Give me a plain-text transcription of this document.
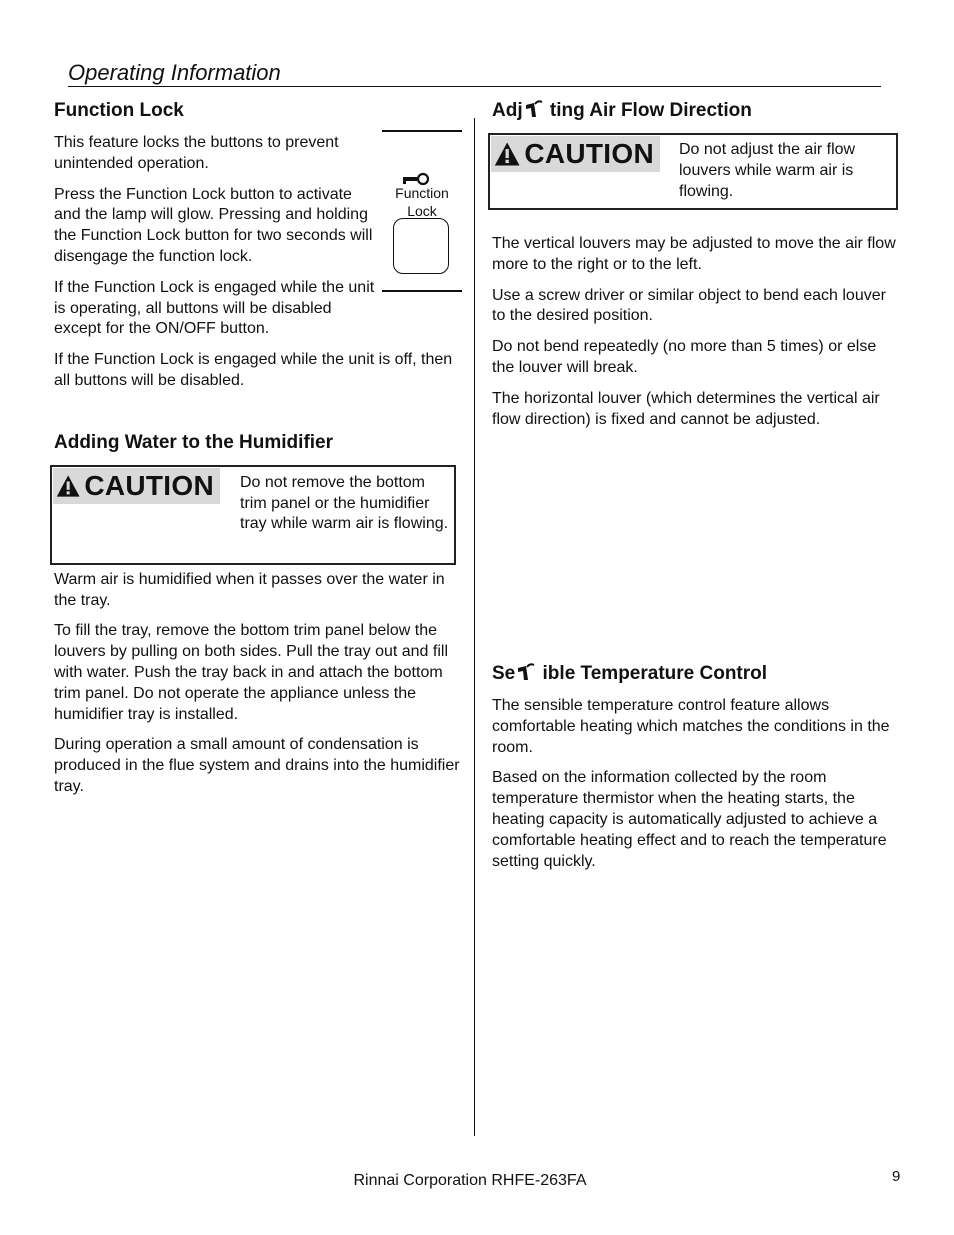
Operating Information
Function Lock

This feature locks the buttons to prevent unintended operation.

Press the Function Lock button to activate and the lamp will glow. Pressing and holding the Function Lock button for two seconds will disengage the function lock.

If the Function Lock is engaged while the unit is operating, all buttons will be disabled except for the ON/OFF button.

If the Function Lock is engaged while the unit is off, then all buttons will be disabled.

Function
Lock
Adding Water to the Humidifier
CAUTION Do not remove the bottom trim panel or the humidifier tray while warm air is flowing.

Warm air is humidified when it passes over the water in the tray.

To fill the tray, remove the bottom trim panel below the louvers by pulling on both sides. Pull the tray out and fill with water. Push the tray back in and attach the bottom trim panel. Do not operate the appliance unless the humidifier tray is installed.

During operation a small amount of condensation is produced in the flue system and drains into the humidifier tray.

Adj ting Air Flow Direction
CAUTION Do not adjust the air flow louvers while warm air is flowing.

The vertical louvers may be adjusted to move the air flow more to the right or to the left.

Use a screw driver or similar object to bend each louver to the desired position.

Do not bend repeatedly (no more than 5 times) or else the louver will break.

The horizontal louver (which determines the vertical air flow direction) is fixed and cannot be adjusted.

Se ible Temperature Control

The sensible temperature control feature allows comfortable heating which matches the conditions in the room.

Based on the information collected by the room temperature thermistor when the heating starts, the heating capacity is automatically adjusted to achieve a comfortable heating effect and to reach the temperature setting quickly.

Rinnai Corporation RHFE-263FA	9
